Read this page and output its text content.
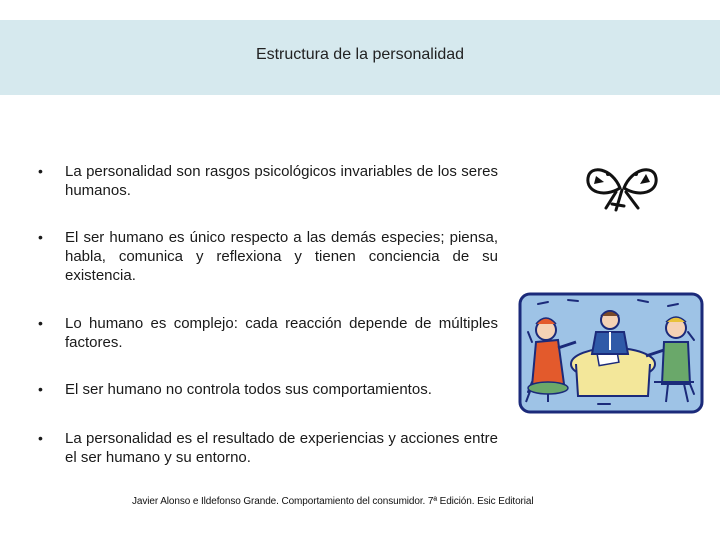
Estructura de la personalidad
• La personalidad son rasgos psicológicos invariables de los seres humanos.
• El ser humano es único respecto a las demás especies; piensa, habla, comunica y reflexiona y tienen conciencia de su existencia.
• Lo humano es complejo: cada reacción depende de múltiples factores.
• El ser humano no controla todos sus comportamientos.
• La personalidad es el resultado de experiencias y acciones entre el ser humano y su entorno.
Javier Alonso e Ildefonso Grande. Comportamiento del consumidor. 7ª Edición. Esic Editorial
